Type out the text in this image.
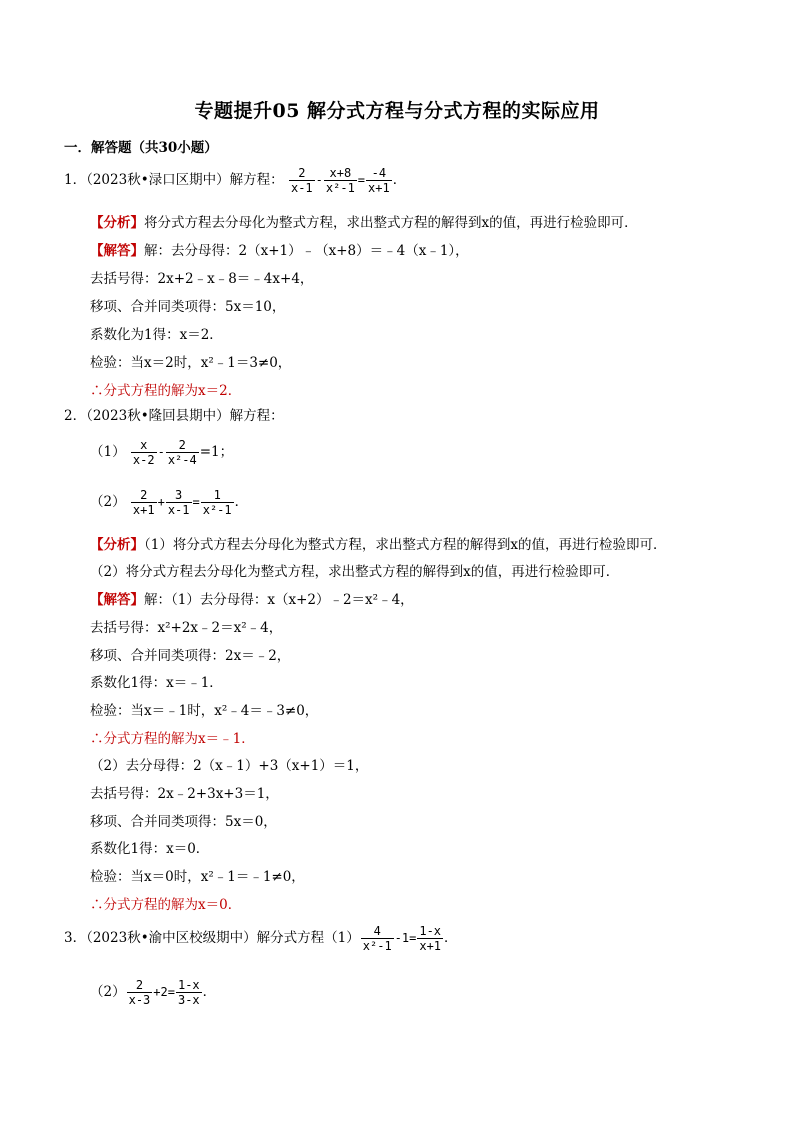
专题提升05 解分式方程与分式方程的实际应用
一．解答题（共30小题）
1．（2023秋•渌口区期中）解方程： $\frac{2}{x-1} - \frac{x+8}{\text{x²-1}} = \frac{-4}{x+1}$ ．
【分析】将分式方程去分母化为整式方程，求出整式方程的解得到x的值，再进行检验即可．
【解答】解：去分母得：2（x+1）﹣（x+8）＝﹣4（x﹣1），
去括号得：2x+2﹣x﹣8＝﹣4x+4，
移项、合并同类项得：5x＝10，
系数化为1得：x＝2．
检验：当x＝2时，x²﹣1＝3≠0，
∴分式方程的解为x＝2．
2．（2023秋•隆回县期中）解方程：
$(1) \frac{x}{x-2} - \frac{2}{\text{x²-4}} =1$；
$(2) \frac{2}{x+1} + \frac{3}{x-1} = \frac{1}{\text{x²-1}}$ ．
【分析】（1）将分式方程去分母化为整式方程，求出整式方程的解得到x的值，再进行检验即可．
（2）将分式方程去分母化为整式方程，求出整式方程的解得到x的值，再进行检验即可．
【解答】解：（1）去分母得：x（x+2）﹣2＝x²﹣4，
去括号得：x²+2x﹣2＝x²﹣4，
移项、合并同类项得：2x＝﹣2，
系数化1得：x＝﹣1．
检验：当x＝﹣1时，x²﹣4＝﹣3≠0，
∴分式方程的解为x＝﹣1．
（2）去分母得：2（x﹣1）+3（x+1）＝1，
去括号得：2x﹣2+3x+3＝1，
移项、合并同类项得：5x＝0，
系数化1得：x＝0．
检验：当x＝0时，x²﹣1＝﹣1≠0，
∴分式方程的解为x＝0．
3．（2023秋•渝中区校级期中）解分式方程$(1) \frac{4}{\text{x²-1}} -1= \frac{1-x}{x+1}$ ．
$(2) \frac{2}{x-3} +2= \frac{1-x}{3-x}$ ．
